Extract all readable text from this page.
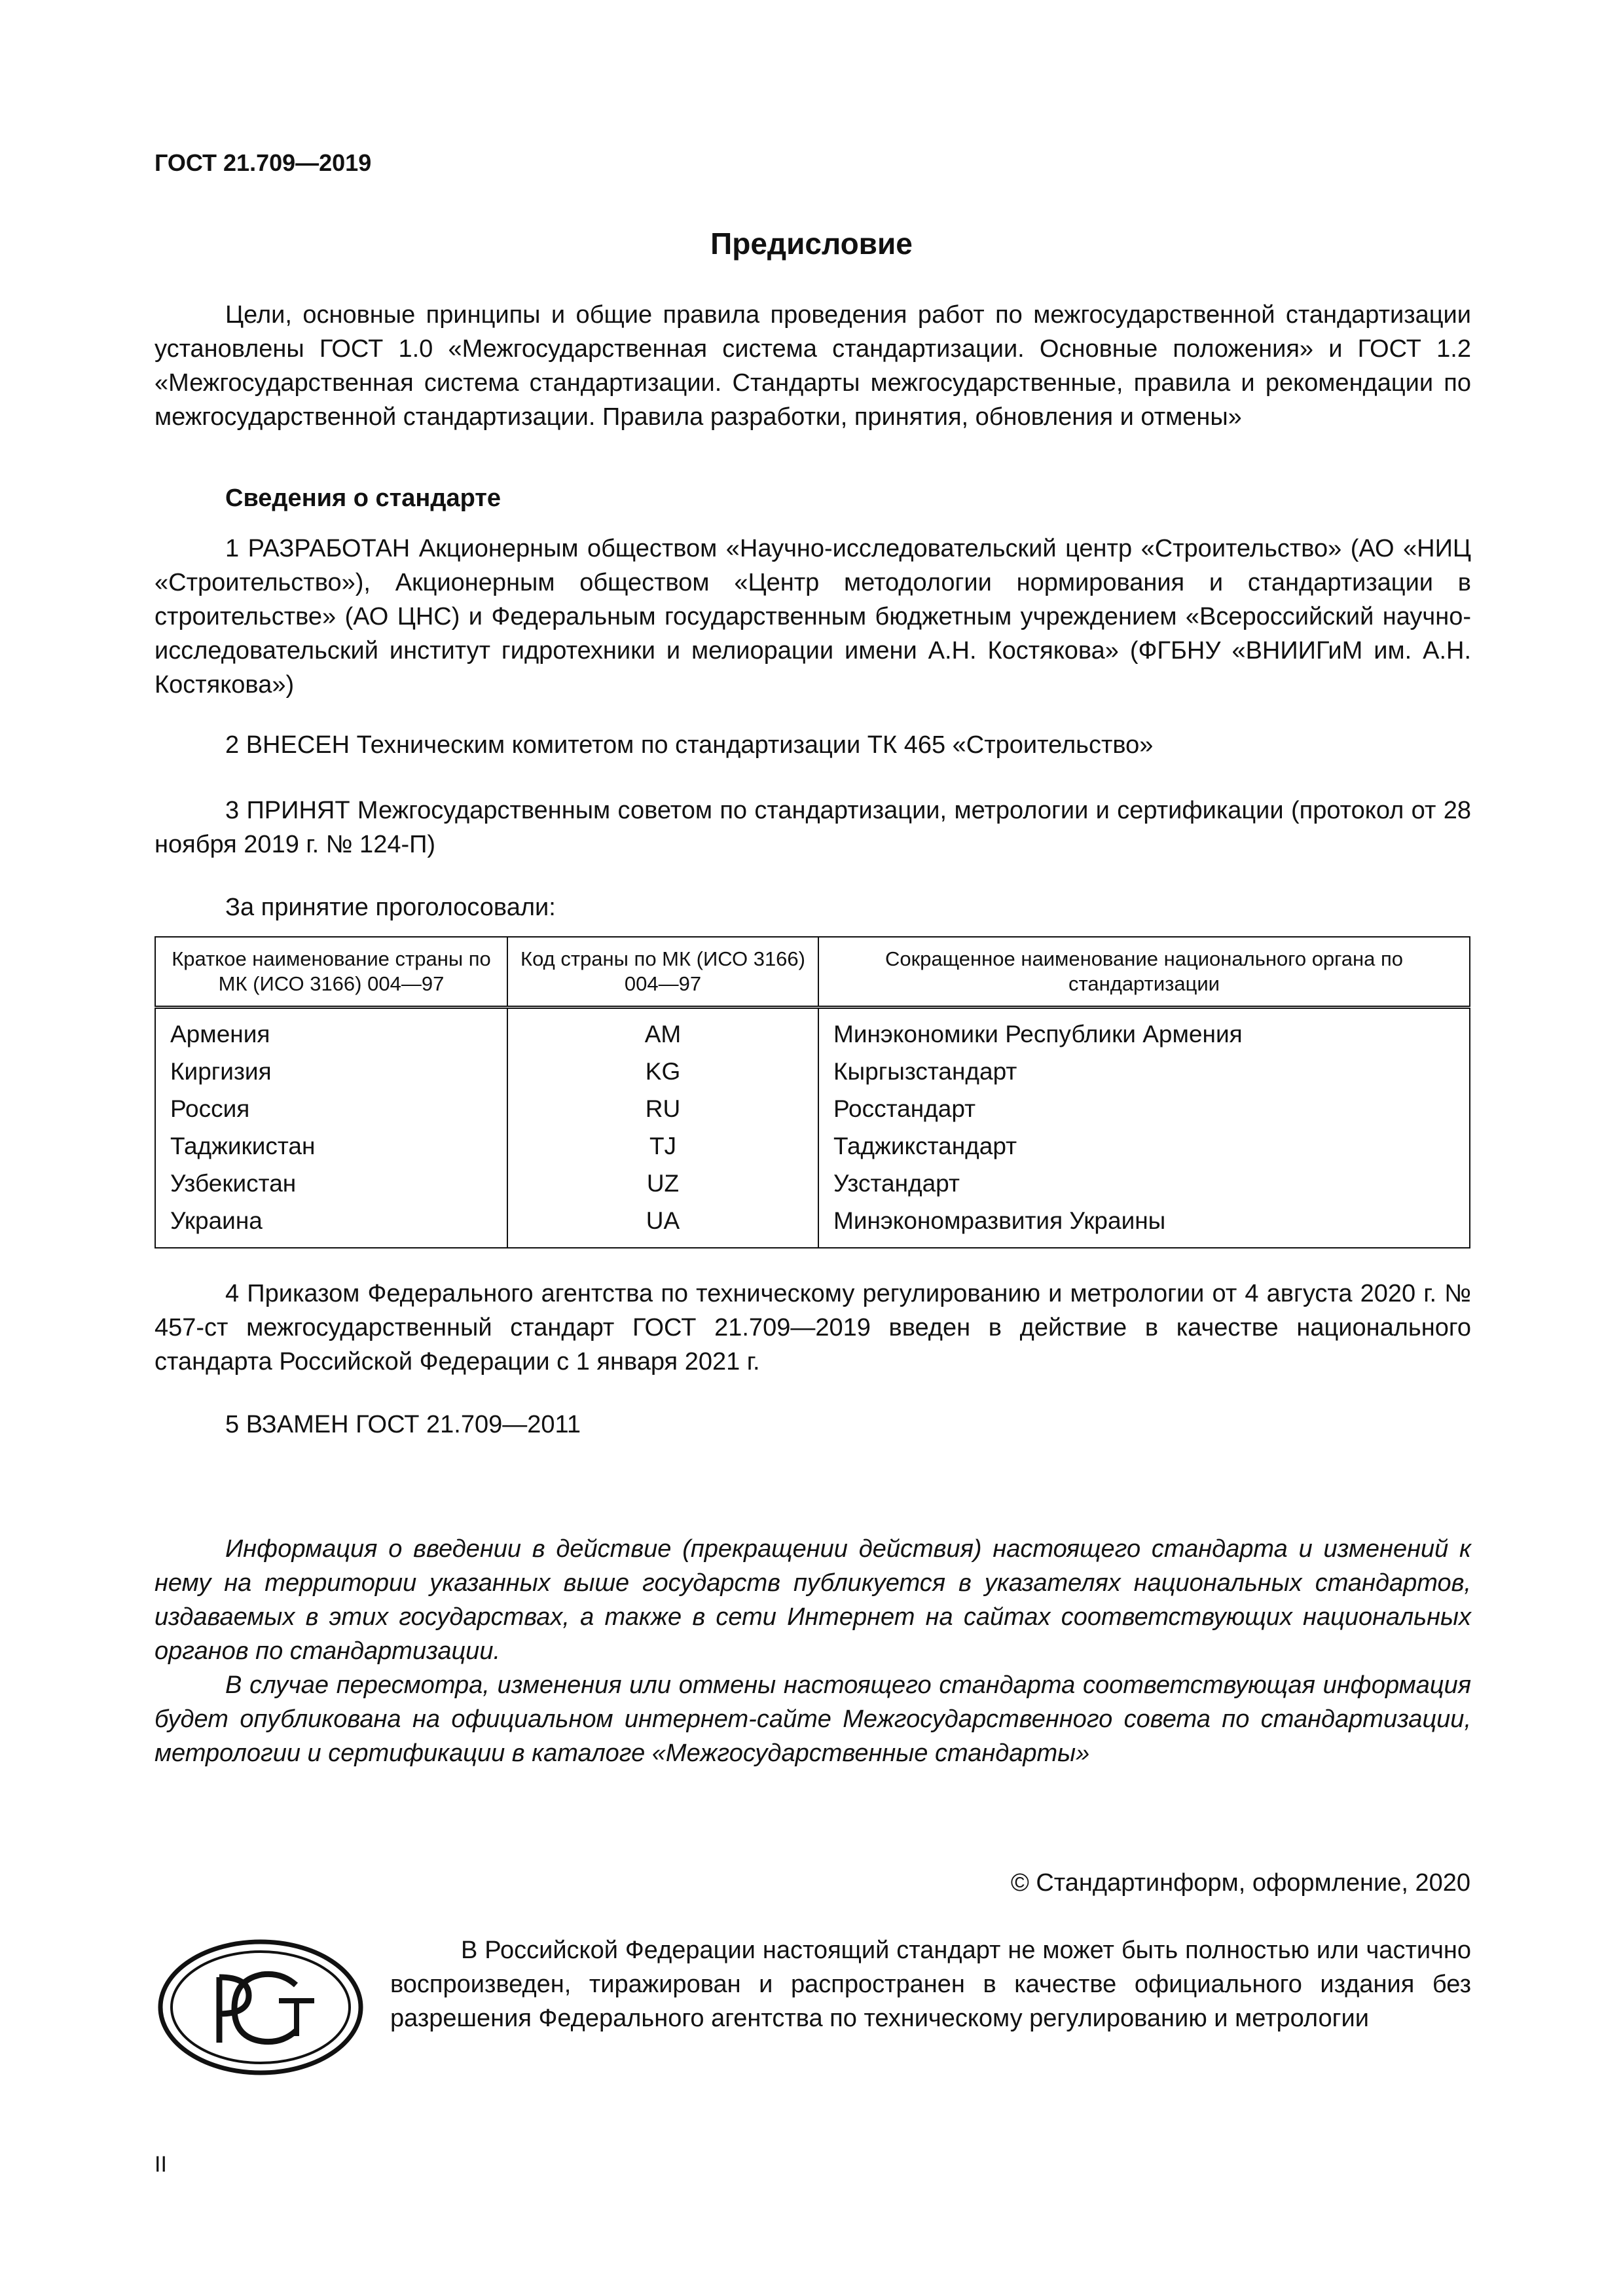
ГОСТ 21.709—2019
Предисловие

Цели, основные принципы и общие правила проведения работ по межгосударственной стандартизации установлены ГОСТ 1.0 «Межгосударственная система стандартизации. Основные положения» и ГОСТ 1.2 «Межгосударственная система стандартизации. Стандарты межгосударственные, правила и рекомендации по межгосударственной стандартизации. Правила разработки, принятия, обновления и отмены»

Сведения о стандарте

1 РАЗРАБОТАН Акционерным обществом «Научно-исследовательский центр «Строительство» (АО «НИЦ «Строительство»), Акционерным обществом «Центр методологии нормирования и стандартизации в строительстве» (АО ЦНС) и Федеральным государственным бюджетным учреждением «Всероссийский научно-исследовательский институт гидротехники и мелиорации имени А.Н. Костякова» (ФГБНУ «ВНИИГиМ им. А.Н. Костякова»)

2 ВНЕСЕН Техническим комитетом по стандартизации ТК 465 «Строительство»

3 ПРИНЯТ Межгосударственным советом по стандартизации, метрологии и сертификации (протокол от 28 ноября 2019 г. № 124-П)

За принятие проголосовали:

Краткое наименование страны по МК (ИСО 3166) 004—97	Код страны по МК (ИСО 3166) 004—97	Сокращенное наименование национального органа по стандартизации
Армения	AM	Минэкономики Республики Армения
Киргизия	KG	Кыргызстандарт
Россия	RU	Росстандарт
Таджикистан	TJ	Таджикстандарт
Узбекистан	UZ	Узстандарт
Украина	UA	Минэкономразвития Украины

4 Приказом Федерального агентства по техническому регулированию и метрологии от 4 августа 2020 г. № 457-ст межгосударственный стандарт ГОСТ 21.709—2019 введен в действие в качестве национального стандарта Российской Федерации с 1 января 2021 г.

5 ВЗАМЕН ГОСТ 21.709—2011

Информация о введении в действие (прекращении действия) настоящего стандарта и изменений к нему на территории указанных выше государств публикуется в указателях национальных стандартов, издаваемых в этих государствах, а также в сети Интернет на сайтах соответствующих национальных органов по стандартизации.

В случае пересмотра, изменения или отмены настоящего стандарта соответствующая информация будет опубликована на официальном интернет-сайте Межгосударственного совета по стандартизации, метрологии и сертификации в каталоге «Межгосударственные стандарты»

© Стандартинформ, оформление, 2020

В Российской Федерации настоящий стандарт не может быть полностью или частично воспроизведен, тиражирован и распространен в качестве официального издания без разрешения Федерального агентства по техническому регулированию и метрологии

II
